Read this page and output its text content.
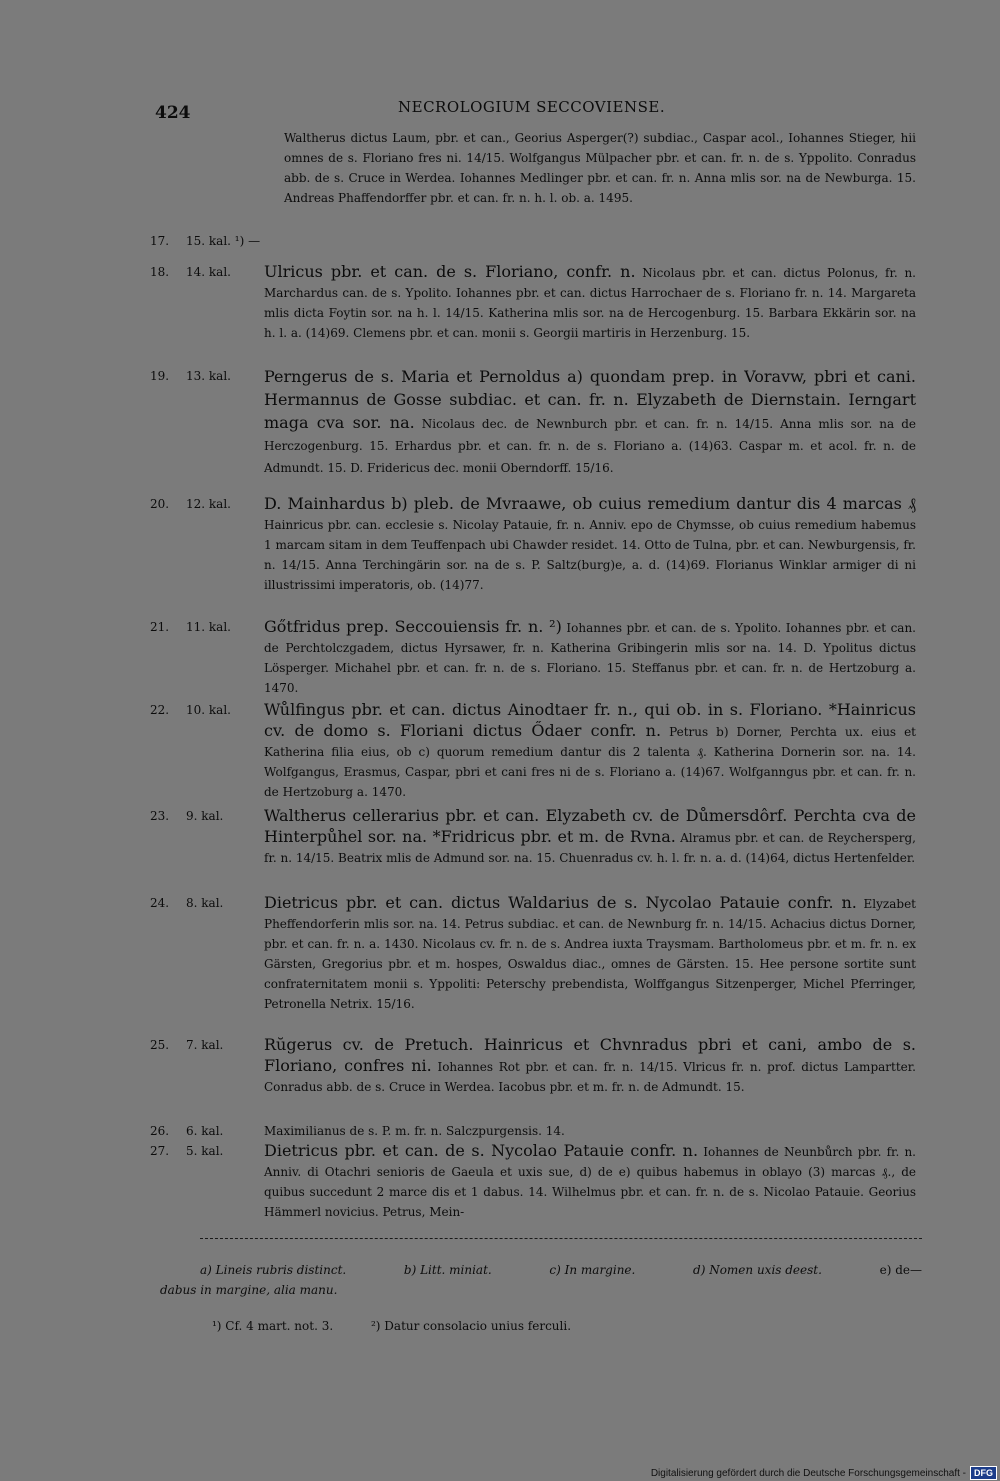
424	NECROLOGIUM SECCOVIENSE.
Waltherus dictus Laum, pbr. et can., Georius Asperger(?) subdiac., Caspar acol., Iohannes Stieger, hii omnes de s. Floriano fres ni. 14/15. Wolfgangus Mülpacher pbr. et can. fr. n. de s. Yppolito. Conradus abb. de s. Cruce in Werdea. Iohannes Medlinger pbr. et can. fr. n. Anna mlis sor. na de Newburga. 15. Andreas Phaffendorffer pbr. et can. fr. n. h. l. ob. a. 1495.
17.	15. kal. ¹) —
18.	14. kal.	Ulricus pbr. et can. de s. Floriano, confr. n. Nicolaus pbr. et can. dictus Polonus, fr. n. Marchardus can. de s. Ypolito. Iohannes pbr. et can. dictus Harrochaer de s. Floriano fr. n. 14. Margareta mlis dicta Foytin sor. na h. l. 14/15. Katherina mlis sor. na de Hercogenburg. 15. Barbara Ekkärin sor. na h. l. a. (14)69. Clemens pbr. et can. monii s. Georgii martiris in Herzenburg. 15.
19.	13. kal.	Perngerus de s. Maria et Pernoldus a) quondam prep. in Voravw, pbri et cani. Hermannus de Gosse subdiac. et can. fr. n. Elyzabeth de Diernstain. Ierngart maga cva sor. na. Nicolaus dec. de Newnburch pbr. et can. fr. n. 14/15. Anna mlis sor. na de Herczogenburg. 15. Erhardus pbr. et can. fr. n. de s. Floriano a. (14)63. Caspar m. et acol. fr. n. de Admundt. 15. D. Fridericus dec. monii Oberndorff. 15/16.
20.	12. kal.	D. Mainhardus b) pleb. de Mvraawe, ob cuius remedium dantur dis 4 marcas ₰ Hainricus pbr. can. ecclesie s. Nicolay Patauie, fr. n. Anniv. epo de Chymsse, ob cuius remedium habemus 1 marcam sitam in dem Teuffenpach ubi Chawder residet. 14. Otto de Tulna, pbr. et can. Newburgensis, fr. n. 14/15. Anna Terchingärin sor. na de s. P. Saltz(burg)e, a. d. (14)69. Florianus Winklar armiger di ni illustrissimi imperatoris, ob. (14)77.
21.	11. kal.	Gőtfridus prep. Seccouiensis fr. n. ²) Iohannes pbr. et can. de s. Ypolito. Iohannes pbr. et can. de Perchtolczgadem, dictus Hyrsawer, fr. n. Katherina Gribingerin mlis sor na. 14. D. Ypolitus dictus Lösperger. Michahel pbr. et can. fr. n. de s. Floriano. 15. Steffanus pbr. et can. fr. n. de Hertzoburg a. 1470.
22.	10. kal.	Wůlfingus pbr. et can. dictus Ainodtaer fr. n., qui ob. in s. Floriano. *Hainricus cv. de domo s. Floriani dictus Ődaer confr. n. Petrus b) Dorner, Perchta ux. eius et Katherina filia eius, ob c) quorum remedium dantur dis 2 talenta ₰. Katherina Dornerin sor. na. 14. Wolfgangus, Erasmus, Caspar, pbri et cani fres ni de s. Floriano a. (14)67. Wolfganngus pbr. et can. fr. n. de Hertzoburg a. 1470.
23.	9. kal.	Waltherus cellerarius pbr. et can. Elyzabeth cv. de Důmersdôrf. Perchta cva de Hinterpůhel sor. na. *Fridricus pbr. et m. de Rvna. Alramus pbr. et can. de Reychersperg, fr. n. 14/15. Beatrix mlis de Admund sor. na. 15. Chuenradus cv. h. l. fr. n. a. d. (14)64, dictus Hertenfelder.
24.	8. kal.	Dietricus pbr. et can. dictus Waldarius de s. Nycolao Patauie confr. n. Elyzabet Pheffendorferin mlis sor. na. 14. Petrus subdiac. et can. de Newnburg fr. n. 14/15. Achacius dictus Dorner, pbr. et can. fr. n. a. 1430. Nicolaus cv. fr. n. de s. Andrea iuxta Traysmam. Bartholomeus pbr. et m. fr. n. ex Gärsten, Gregorius pbr. et m. hospes, Oswaldus diac., omnes de Gärsten. 15. Hee persone sortite sunt confraternitatem monii s. Yppoliti: Peterschy prebendista, Wolffgangus Sitzenperger, Michel Pferringer, Petronella Netrix. 15/16.
25.	7. kal.	Rŭgerus cv. de Pretuch. Hainricus et Chvnradus pbri et cani, ambo de s. Floriano, confres ni. Iohannes Rot pbr. et can. fr. n. 14/15. Vlricus fr. n. prof. dictus Lampartter. Conradus abb. de s. Cruce in Werdea. Iacobus pbr. et m. fr. n. de Admundt. 15.
26.	6. kal.	Maximilianus de s. P. m. fr. n. Salczpurgensis. 14.
27.	5. kal.	Dietricus pbr. et can. de s. Nycolao Patauie confr. n. Iohannes de Neunbůrch pbr. fr. n. Anniv. di Otachri senioris de Gaeula et uxis sue, d) de e) quibus habemus in oblayo (3) marcas ₰., de quibus succedunt 2 marce dis et 1 dabus. 14. Wilhelmus pbr. et can. fr. n. de s. Nicolao Patauie. Georius Hämmerl novicius. Petrus, Mein-
a) Lineis rubris distinct.	b) Litt. miniat.	c) In margine.	d) Nomen uxis deest.	e) de—
dabus in margine, alia manu.
¹) Cf. 4 mart. not. 3.	²) Datur consolacio unius ferculi.
Digitalisierung gefördert durch die Deutsche Forschungsgemeinschaft - DFG
